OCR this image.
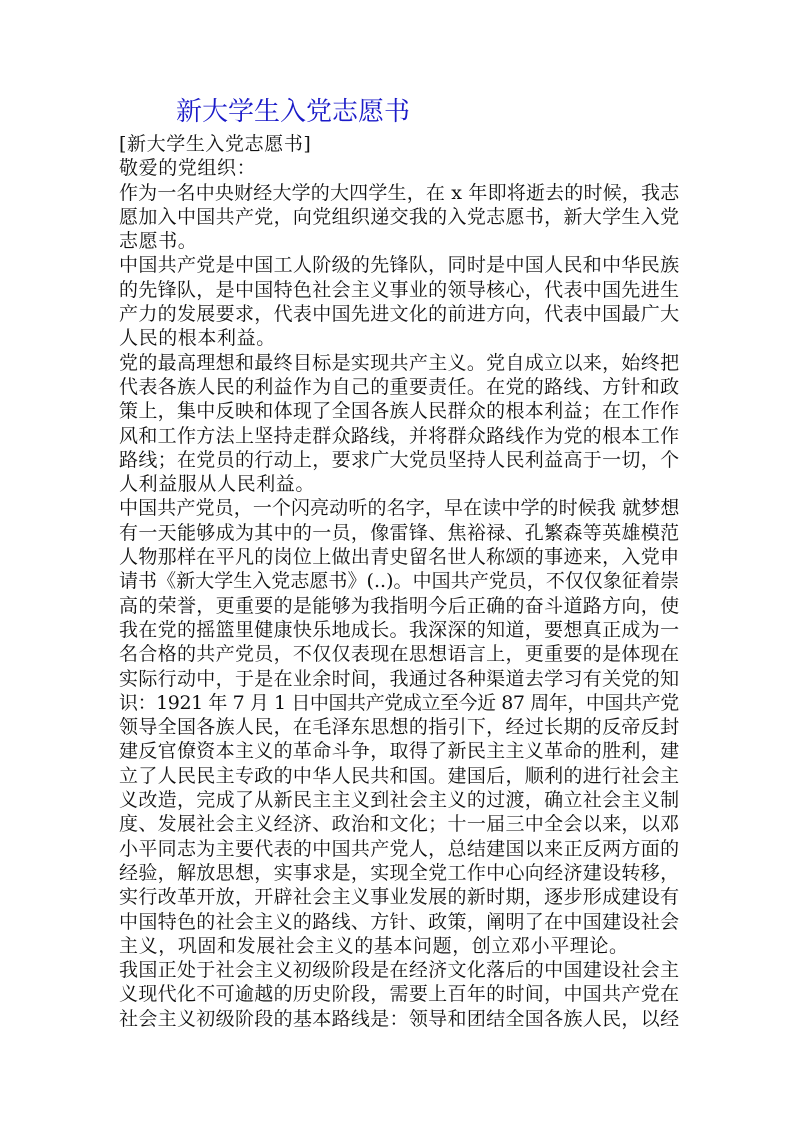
新大学生入党志愿书
[新大学生入党志愿书]
敬爱的党组织：
作为一名中央财经大学的大四学生，在 x 年即将逝去的时候，我志
愿加入中国共产党，向党组织递交我的入党志愿书，新大学生入党
志愿书。
中国共产党是中国工人阶级的先锋队，同时是中国人民和中华民族
的先锋队，是中国特色社会主义事业的领导核心，代表中国先进生
产力的发展要求，代表中国先进文化的前进方向，代表中国最广大
人民的根本利益。
党的最高理想和最终目标是实现共产主义。党自成立以来，始终把
代表各族人民的利益作为自己的重要责任。在党的路线、方针和政
策上，集中反映和体现了全国各族人民群众的根本利益；在工作作
风和工作方法上坚持走群众路线，并将群众路线作为党的根本工作
路线；在党员的行动上，要求广大党员坚持人民利益高于一切，个
人利益服从人民利益。
中国共产党员，一个闪亮动听的名字，早在读中学的时候我 就梦想
有一天能够成为其中的一员，像雷锋、焦裕禄、孔繁森等英雄模范
人物那样在平凡的岗位上做出青史留名世人称颂的事迹来，入党申
请书《新大学生入党志愿书》(..)。中国共产党员，不仅仅象征着崇
高的荣誉，更重要的是能够为我指明今后正确的奋斗道路方向，使
我在党的摇篮里健康快乐地成长。我深深的知道，要想真正成为一
名合格的共产党员，不仅仅表现在思想语言上，更重要的是体现在
实际行动中，于是在业余时间，我通过各种渠道去学习有关党的知
识：1921 年 7 月 1 日中国共产党成立至今近 87 周年，中国共产党
领导全国各族人民，在毛泽东思想的指引下，经过长期的反帝反封
建反官僚资本主义的革命斗争，取得了新民主主义革命的胜利，建
立了人民民主专政的中华人民共和国。建国后，顺利的进行社会主
义改造，完成了从新民主主义到社会主义的过渡，确立社会主义制
度、发展社会主义经济、政治和文化；十一届三中全会以来，以邓
小平同志为主要代表的中国共产党人，总结建国以来正反两方面的
经验，解放思想，实事求是，实现全党工作中心向经济建设转移，
实行改革开放，开辟社会主义事业发展的新时期，逐步形成建设有
中国特色的社会主义的路线、方针、政策，阐明了在中国建设社会
主义，巩固和发展社会主义的基本问题，创立邓小平理论。
我国正处于社会主义初级阶段是在经济文化落后的中国建设社会主
义现代化不可逾越的历史阶段，需要上百年的时间，中国共产党在
社会主义初级阶段的基本路线是：领导和团结全国各族人民，以经
